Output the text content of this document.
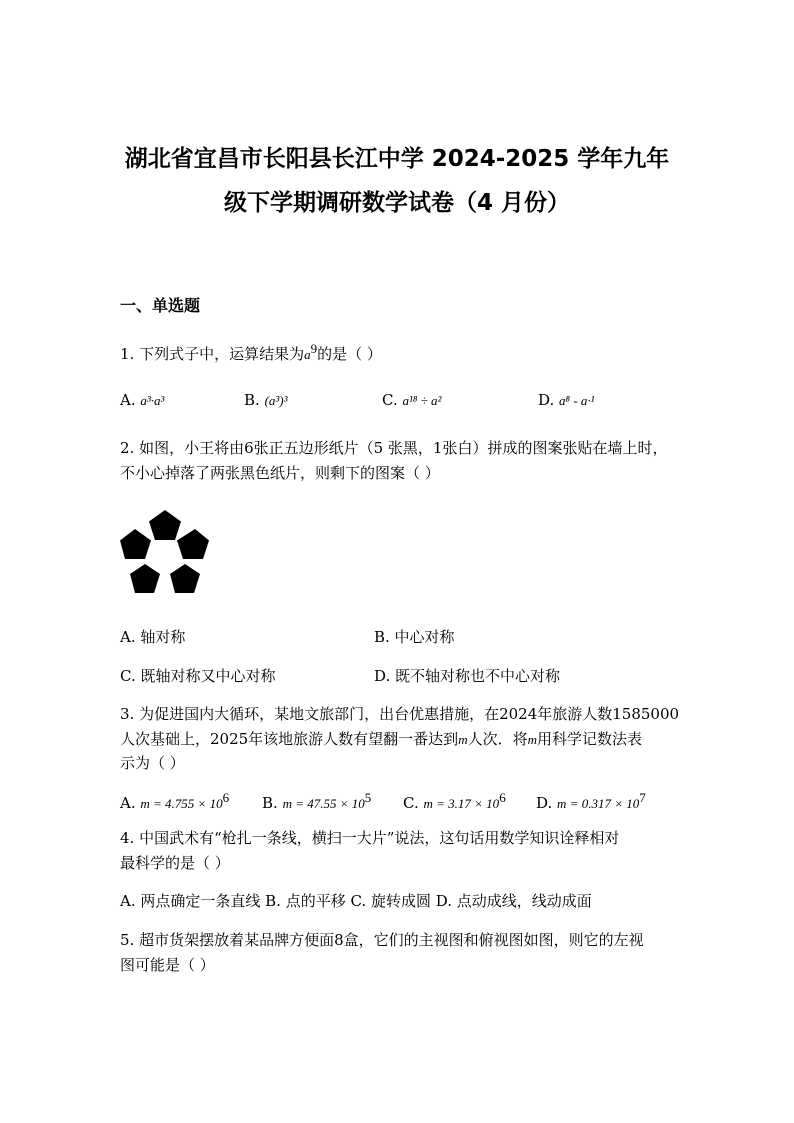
湖北省宜昌市长阳县长江中学 2024-2025 学年九年
级下学期调研数学试卷（4 月份）
一、单选题
1. 下列式子中，运算结果为$a^9$的是（ ）
A. a³·a³	B. (a³)³	C. a¹⁸ ÷ a²	D. a⁸ - a·¹
2. 如图，小王将由6张正五边形纸片（5 张黑，1张白）拼成的图案张贴在墙上时，
不小心掉落了两张黑色纸片，则剩下的图案（ ）
A. 轴对称	B. 中心对称
C. 既轴对称又中心对称	D. 既不轴对称也不中心对称
3. 为促进国内大循环，某地文旅部门，出台优惠措施，在2024年旅游人数1585000
人次基础上，2025年该地旅游人数有望翻一番达到m人次．将m用科学记数法表
示为（ ）
A. $m = 4.755 \times 10^6$ B. $m = 47.55 \times 10^5$ C. $m = 3.17 \times 10^6$ D. $m = 0.317 \times 10^7$
4. 中国武术有“枪扎一条线，横扫一大片”说法，这句话用数学知识诠释相对
最科学的是（ ）
A. 两点确定一条直线 B. 点的平移 C. 旋转成圆 D. 点动成线，线动成面
5. 超市货架摆放着某品牌方便面8盒，它们的主视图和俯视图如图，则它的左视
图可能是（ ）
